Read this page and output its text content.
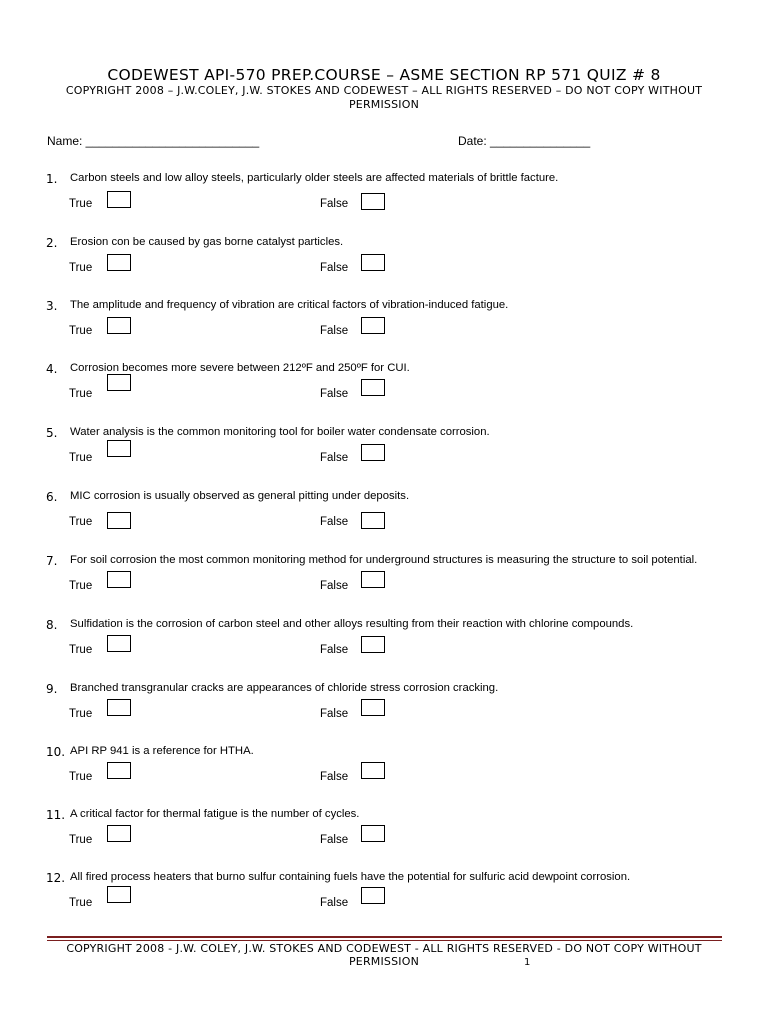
CODEWEST API-570 PREP.COURSE – ASME SECTION RP 571 QUIZ # 8
COPYRIGHT 2008 – J.W.COLEY, J.W. STOKES AND CODEWEST – ALL RIGHTS RESERVED – DO NOT COPY WITHOUT
PERMISSION
Name: __________________________	Date: _______________
1. Carbon steels and low alloy steels, particularly older steels are affected materials of brittle facture.
True	False
2. Erosion con be caused by gas borne catalyst particles.
True	False
3. The amplitude and frequency of vibration are critical factors of vibration-induced fatigue.
True	False
4. Corrosion becomes more severe between 212ºF and 250ºF for CUI.
True	False
5. Water analysis is the common monitoring tool for boiler water condensate corrosion.
True	False
6. MIC corrosion is usually observed as general pitting under deposits.
True	False
7. For soil corrosion the most common monitoring method for underground structures is measuring the structure to soil potential.
True	False
8. Sulfidation is the corrosion of carbon steel and other alloys resulting from their reaction with chlorine compounds.
True	False
9. Branched transgranular cracks are appearances of chloride stress corrosion cracking.
True	False
10. API RP 941 is a reference for HTHA.
True	False
11. A critical factor for thermal fatigue is the number of cycles.
True	False
12. All fired process heaters that burno sulfur containing fuels have the potential for sulfuric acid dewpoint corrosion.
True	False
COPYRIGHT 2008 - J.W. COLEY, J.W. STOKES AND CODEWEST - ALL RIGHTS RESERVED - DO NOT COPY WITHOUT
PERMISSION	1
